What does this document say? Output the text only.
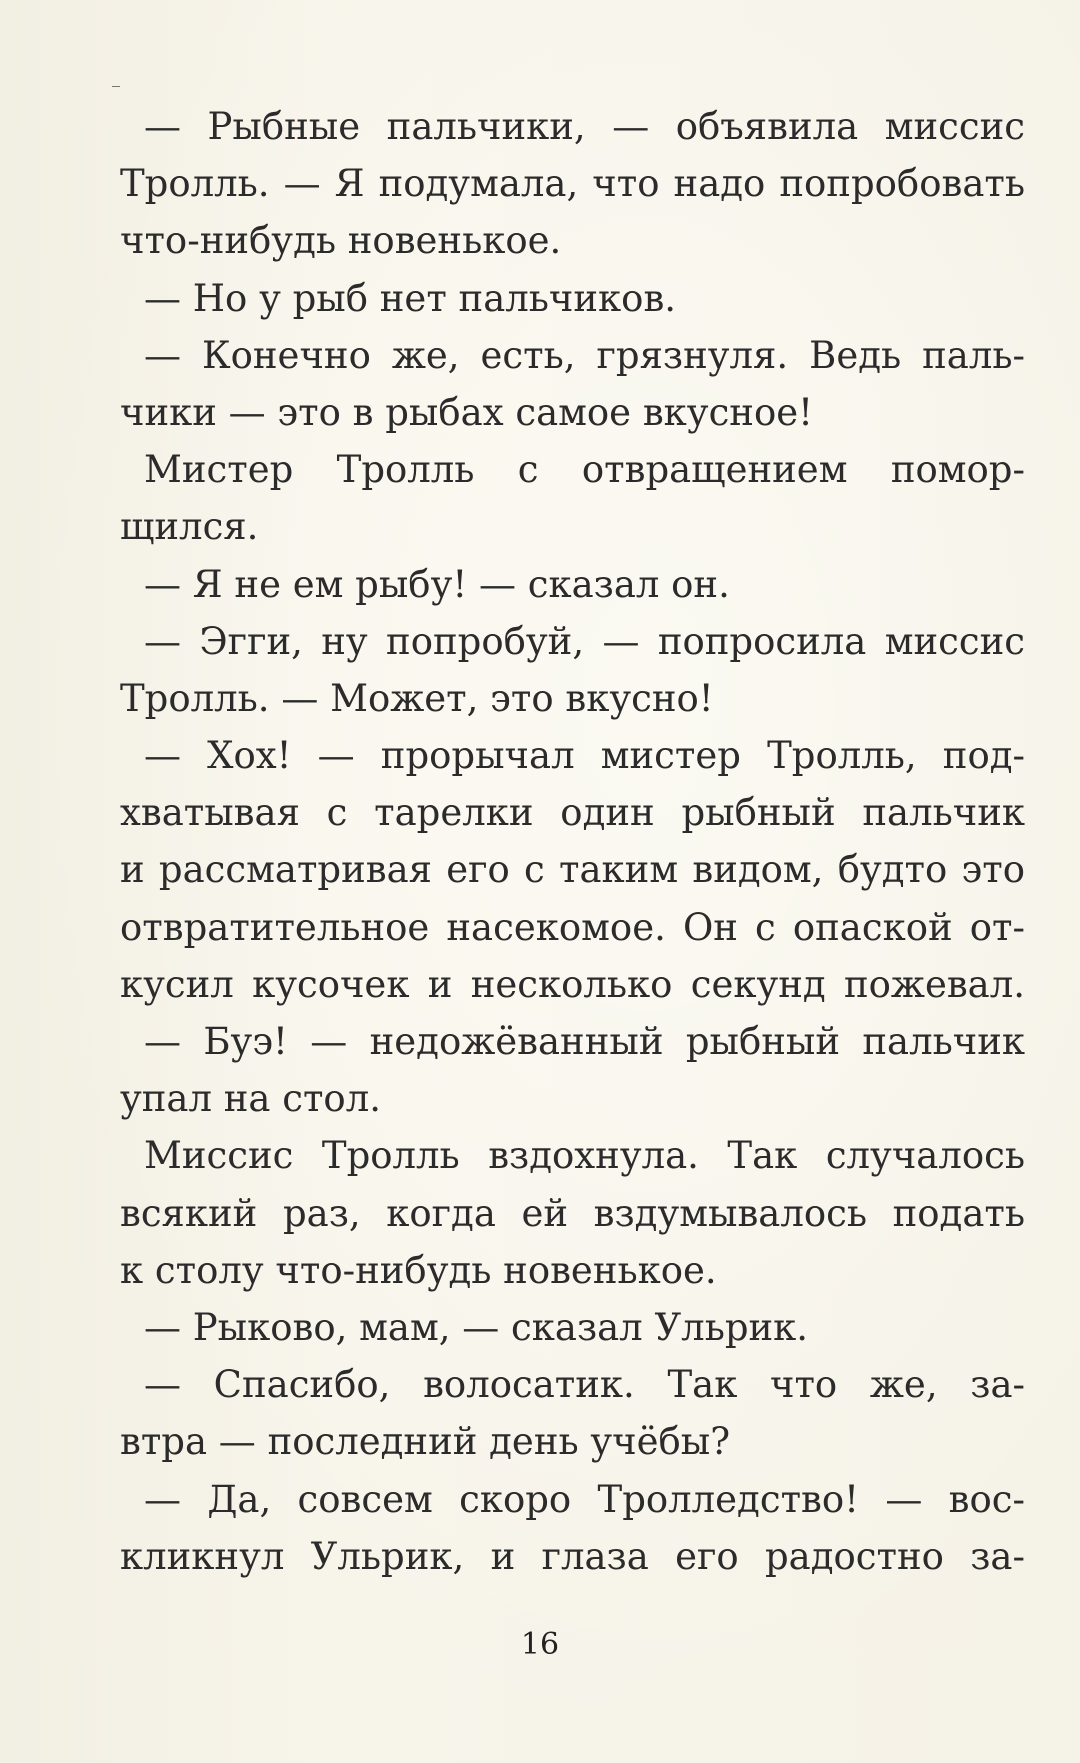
— Рыбные пальчики, — объявила миссис
Тролль. — Я подумала, что надо попробовать
что-нибудь новенькое.
— Но у рыб нет пальчиков.
— Конечно же, есть, грязнуля. Ведь паль-
чики — это в рыбах самое вкусное!
Мистер Тролль с отвращением помор-
щился.
— Я не ем рыбу! — сказал он.
— Эгги, ну попробуй, — попросила миссис
Тролль. — Может, это вкусно!
— Хох! — прорычал мистер Тролль, под-
хватывая с тарелки один рыбный пальчик
и рассматривая его с таким видом, будто это
отвратительное насекомое. Он с опаской от-
кусил кусочек и несколько секунд пожевал.
— Буэ! — недожёванный рыбный пальчик
упал на стол.
Миссис Тролль вздохнула. Так случалось
всякий раз, когда ей вздумывалось подать
к столу что-нибудь новенькое.
— Рыково, мам, — сказал Ульрик.
— Спасибо, волосатик. Так что же, за-
втра — последний день учёбы?
— Да, совсем скоро Тролледство! — вос-
кликнул Ульрик, и глаза его радостно за-
16
